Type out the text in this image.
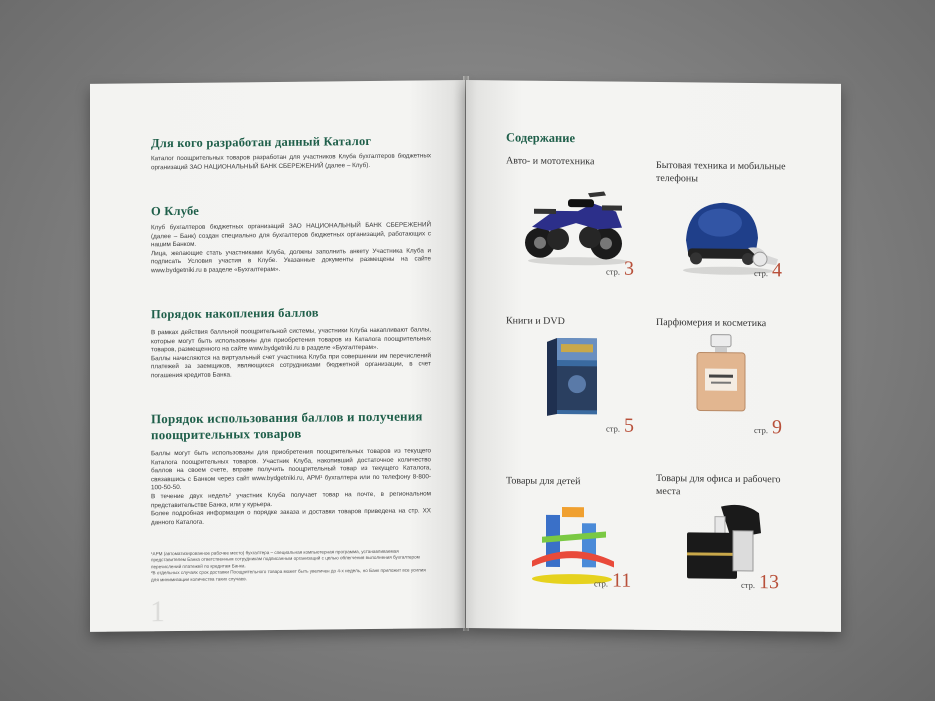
Для кого разработан данный Каталог

Каталог поощрительных товаров разработан для участников Клуба бухгалтеров бюджетных организаций ЗАО НАЦИОНАЛЬНЫЙ БАНК СБЕРЕЖЕНИЙ (далее – Клуб).

О Клубе

Клуб бухгалтеров бюджетных организаций ЗАО НАЦИОНАЛЬНЫЙ БАНК СБЕРЕЖЕНИЙ (далее – Банк) создан специально для бухгалтеров бюджетных организаций, работающих с нашим Банком.
Лица, желающие стать участниками Клуба, должны заполнить анкету Участника Клуба и подписать Условия участия в Клубе. Указанные документы размещены на сайте www.bydgetniki.ru в разделе «Бухгалтерам».

Порядок накопления баллов

В рамках действия балльной поощрительной системы, участники Клуба накапливают баллы, которые могут быть использованы для приобретения товаров из Каталога поощрительных товаров, размещенного на сайте www.bydgetniki.ru в разделе «Бухгалтерам».
Баллы начисляются на виртуальный счет участника Клуба при совершении им перечислений платежей за заемщиков, являющихся сотрудниками бюджетной организации, в счет погашения кредитов Банка.

Порядок использования баллов и получения поощрительных товаров

Баллы могут быть использованы для приобретения поощрительных товаров из текущего Каталога поощрительных товаров. Участник Клуба, накопивший достаточное количество баллов на своем счете, вправе получить поощрительный товар из текущего Каталога, связавшись с Банком через сайт www.bydgetniki.ru, АРМ¹ бухгалтера или по телефону 8-800-100-50-50.
В течение двух недель² участник Клуба получает товар на почте, в региональном представительстве Банка, или у курьера.
Более подробная информация о порядке заказа и доставки товаров приведена на стр. XX данного Каталога.

¹АРМ (автоматизированное рабочее место) бухгалтера – специальная компьютерная программа, устанавливаемая представителем Банка ответственным сотрудникам подписанным организаций с целью облегчения выполнения бухгалтером перечислений платежей по кредитам Банка.
²В отдельных случаях срок доставки Поощрительного товара может быть увеличен до 4-х недель, но Банк приложит все усилия для минимизации количества таких случаев.
1
Содержание
Авто- и мототехника
стр. 3
Бытовая техника и мобильные телефоны
стр. 4
Книги и DVD
стр. 5
Парфюмерия и косметика
стр. 9
Товары для детей
стр. 11
Товары для офиса и рабочего места
стр. 13
